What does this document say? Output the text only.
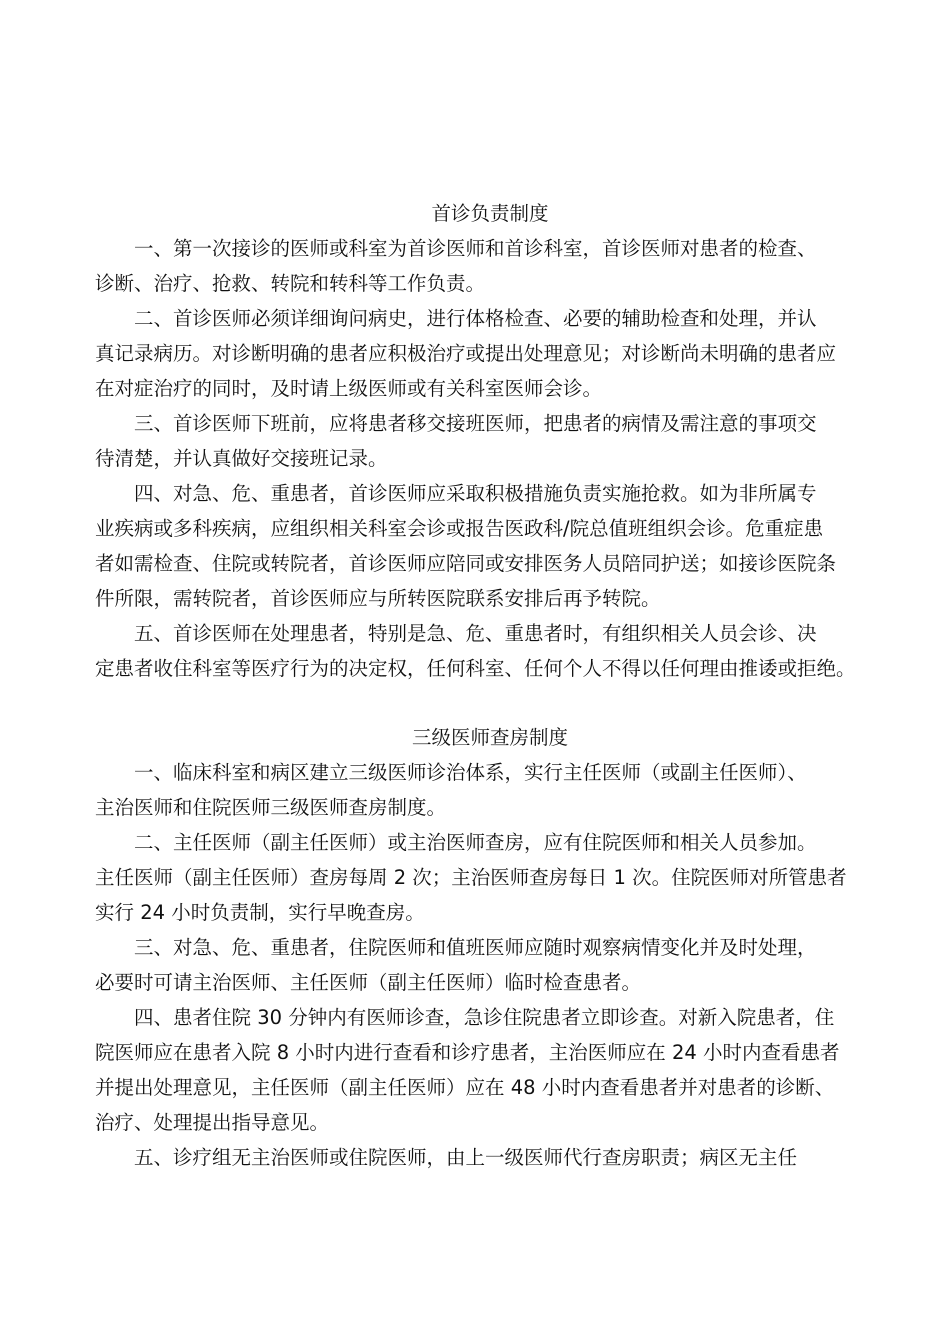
首诊负责制度

一、第一次接诊的医师或科室为首诊医师和首诊科室，首诊医师对患者的检查、
诊断、治疗、抢救、转院和转科等工作负责。

二、首诊医师必须详细询问病史，进行体格检查、必要的辅助检查和处理，并认
真记录病历。对诊断明确的患者应积极治疗或提出处理意见；对诊断尚未明确的患者应
在对症治疗的同时，及时请上级医师或有关科室医师会诊。

三、首诊医师下班前，应将患者移交接班医师，把患者的病情及需注意的事项交
待清楚，并认真做好交接班记录。

四、对急、危、重患者，首诊医师应采取积极措施负责实施抢救。如为非所属专
业疾病或多科疾病，应组织相关科室会诊或报告医政科/院总值班组织会诊。危重症患
者如需检查、住院或转院者，首诊医师应陪同或安排医务人员陪同护送；如接诊医院条
件所限，需转院者，首诊医师应与所转医院联系安排后再予转院。

五、首诊医师在处理患者，特别是急、危、重患者时，有组织相关人员会诊、决
定患者收住科室等医疗行为的决定权，任何科室、任何个人不得以任何理由推诿或拒绝。

三级医师查房制度

一、临床科室和病区建立三级医师诊治体系，实行主任医师（或副主任医师）、
主治医师和住院医师三级医师查房制度。

二、主任医师（副主任医师）或主治医师查房，应有住院医师和相关人员参加。
主任医师（副主任医师）查房每周 2 次；主治医师查房每日 1 次。住院医师对所管患者
实行 24 小时负责制，实行早晚查房。

三、对急、危、重患者，住院医师和值班医师应随时观察病情变化并及时处理，
必要时可请主治医师、主任医师（副主任医师）临时检查患者。

四、患者住院 30 分钟内有医师诊查，急诊住院患者立即诊查。对新入院患者，住
院医师应在患者入院 8 小时内进行查看和诊疗患者，主治医师应在 24 小时内查看患者
并提出处理意见，主任医师（副主任医师）应在 48 小时内查看患者并对患者的诊断、
治疗、处理提出指导意见。

五、诊疗组无主治医师或住院医师，由上一级医师代行查房职责；病区无主任
